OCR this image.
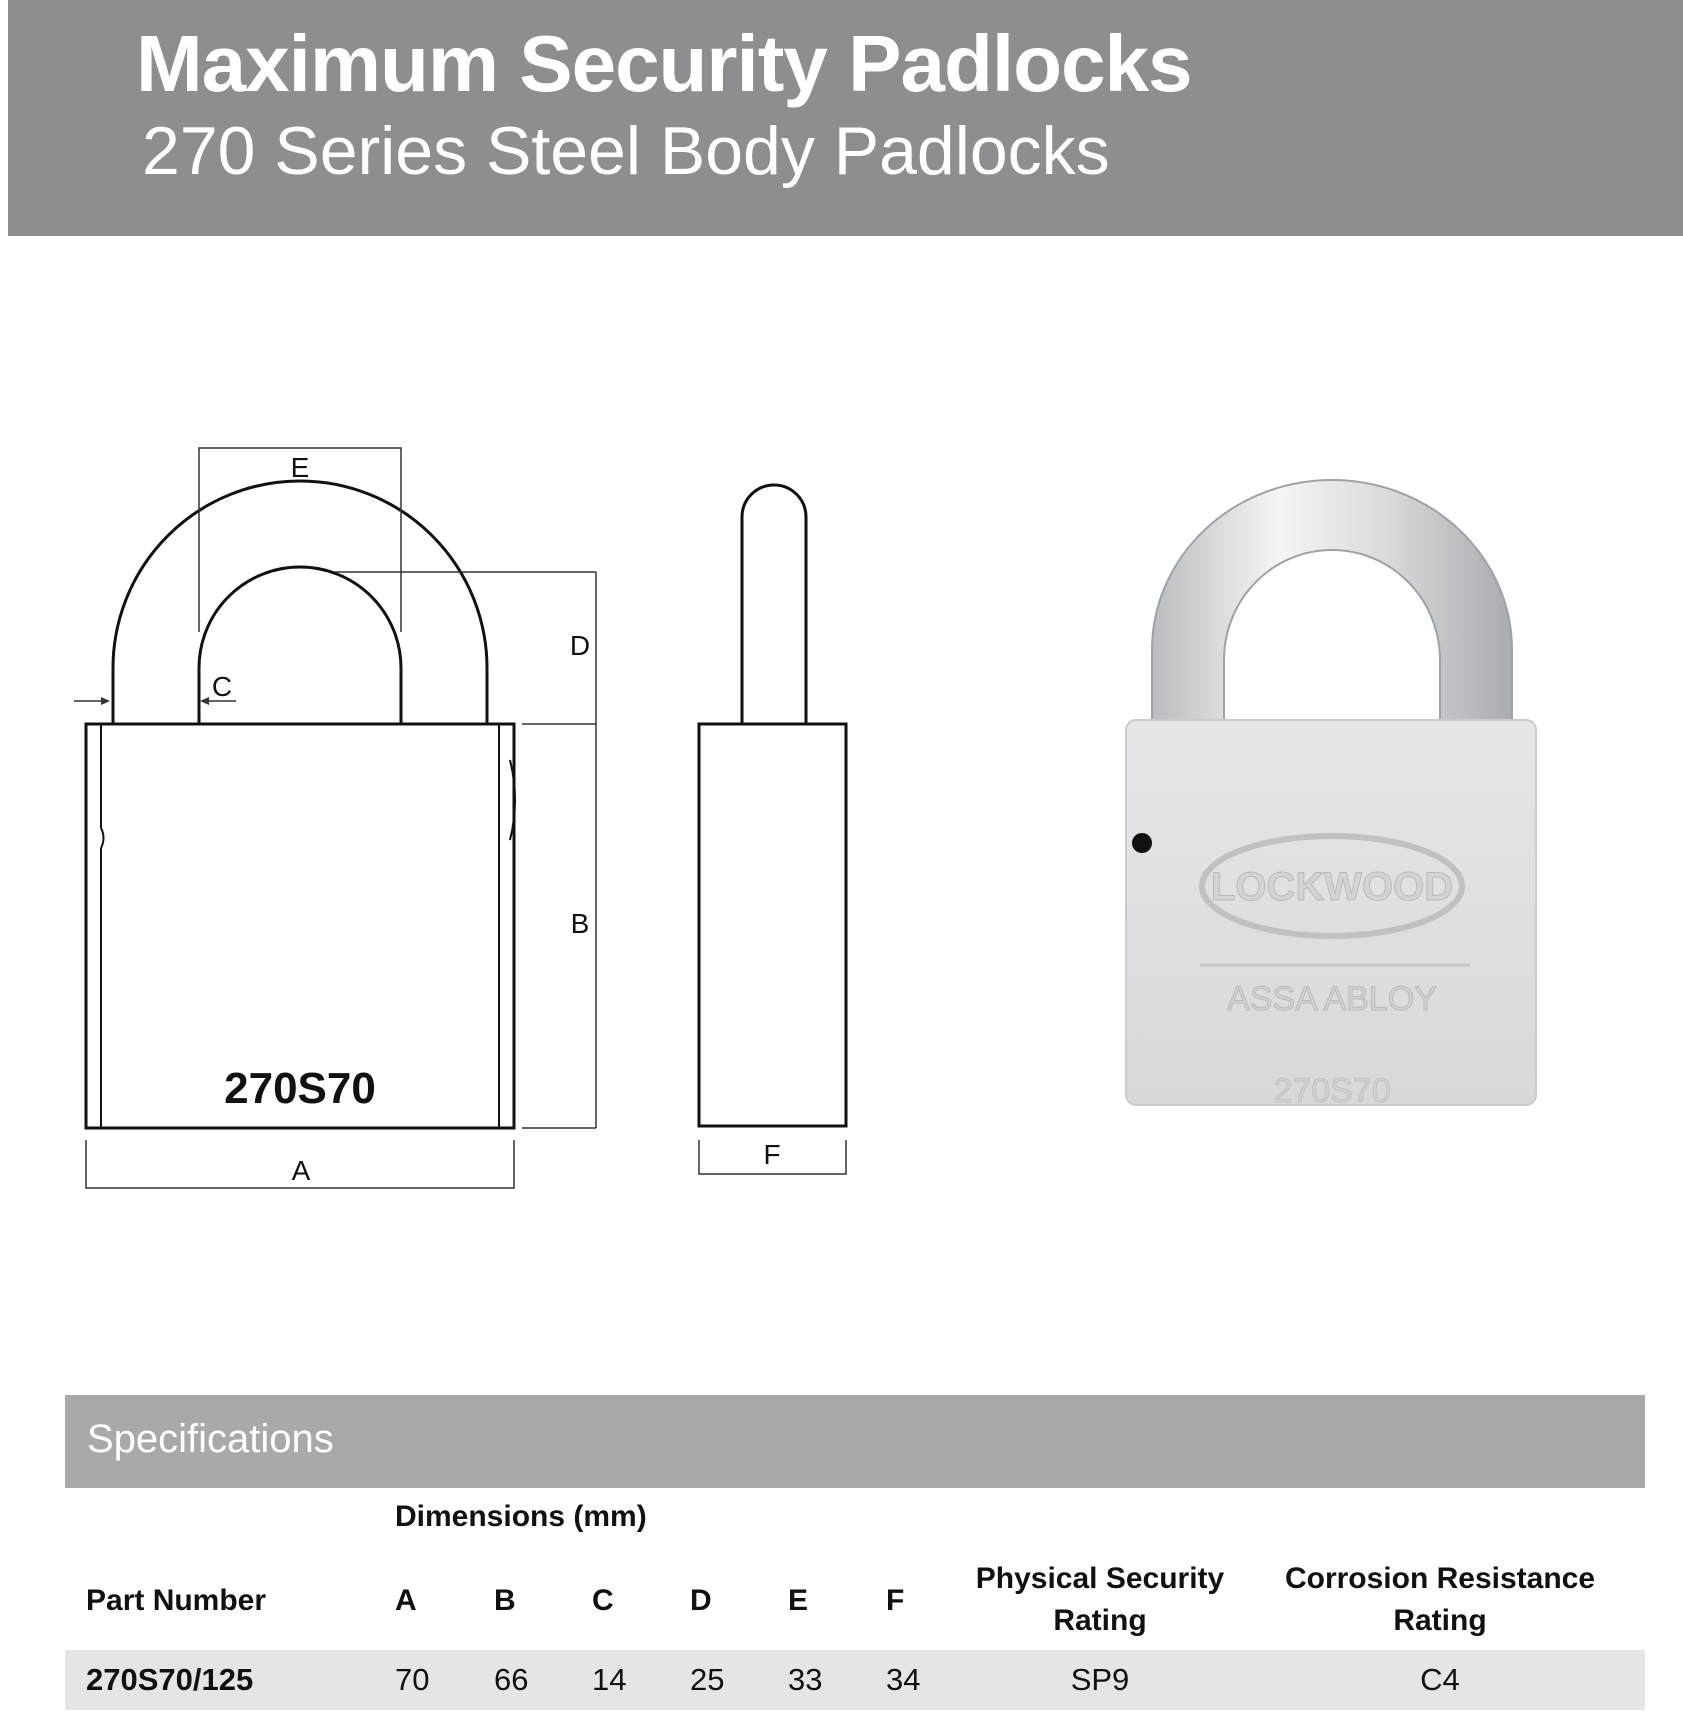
Maximum Security Padlocks
270 Series Steel Body Padlocks
E
D
C
B
A
270S70
F
LOCKWOOD
ASSA ABLOY
270S70
Specifications
Dimensions (mm)
Part Number	A	B	C	D	E	F
Physical Security
Rating
Corrosion Resistance
Rating
270S70/125	70 66 14 25 33 34	SP9	C4
